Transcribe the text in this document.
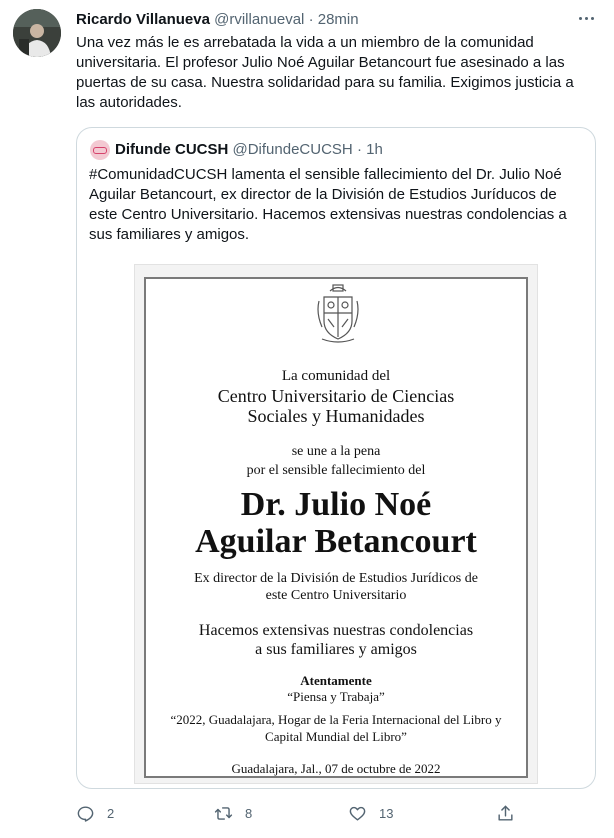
Ricardo Villanueva @rvillanueval · 28min
Una vez más le es arrebatada la vida a un miembro de la comunidad universitaria. El profesor Julio Noé Aguilar Betancourt fue asesinado a las puertas de su casa. Nuestra solidaridad para su familia. Exigimos justicia a las autoridades.
Difunde CUCSH @DifundeCUCSH · 1h
#ComunidadCUCSH lamenta el sensible fallecimiento del Dr. Julio Noé Aguilar Betancourt, ex director de la División de Estudios Juríducos de este Centro Universitario. Hacemos extensivas nuestras condolencias a sus familiares y amigos.
La comunidad del
Centro Universitario de Ciencias
Sociales y Humanidades
se une a la pena
por el sensible fallecimiento del
Dr. Julio Noé
Aguilar Betancourt
Ex director de la División de Estudios Jurídicos de
este Centro Universitario
Hacemos extensivas nuestras condolencias
a sus familiares y amigos
Atentamente
“Piensa y Trabaja”
“2022, Guadalajara, Hogar de la Feria Internacional del Libro y
Capital Mundial del Libro”
Guadalajara, Jal., 07 de octubre de 2022
2	8	13
